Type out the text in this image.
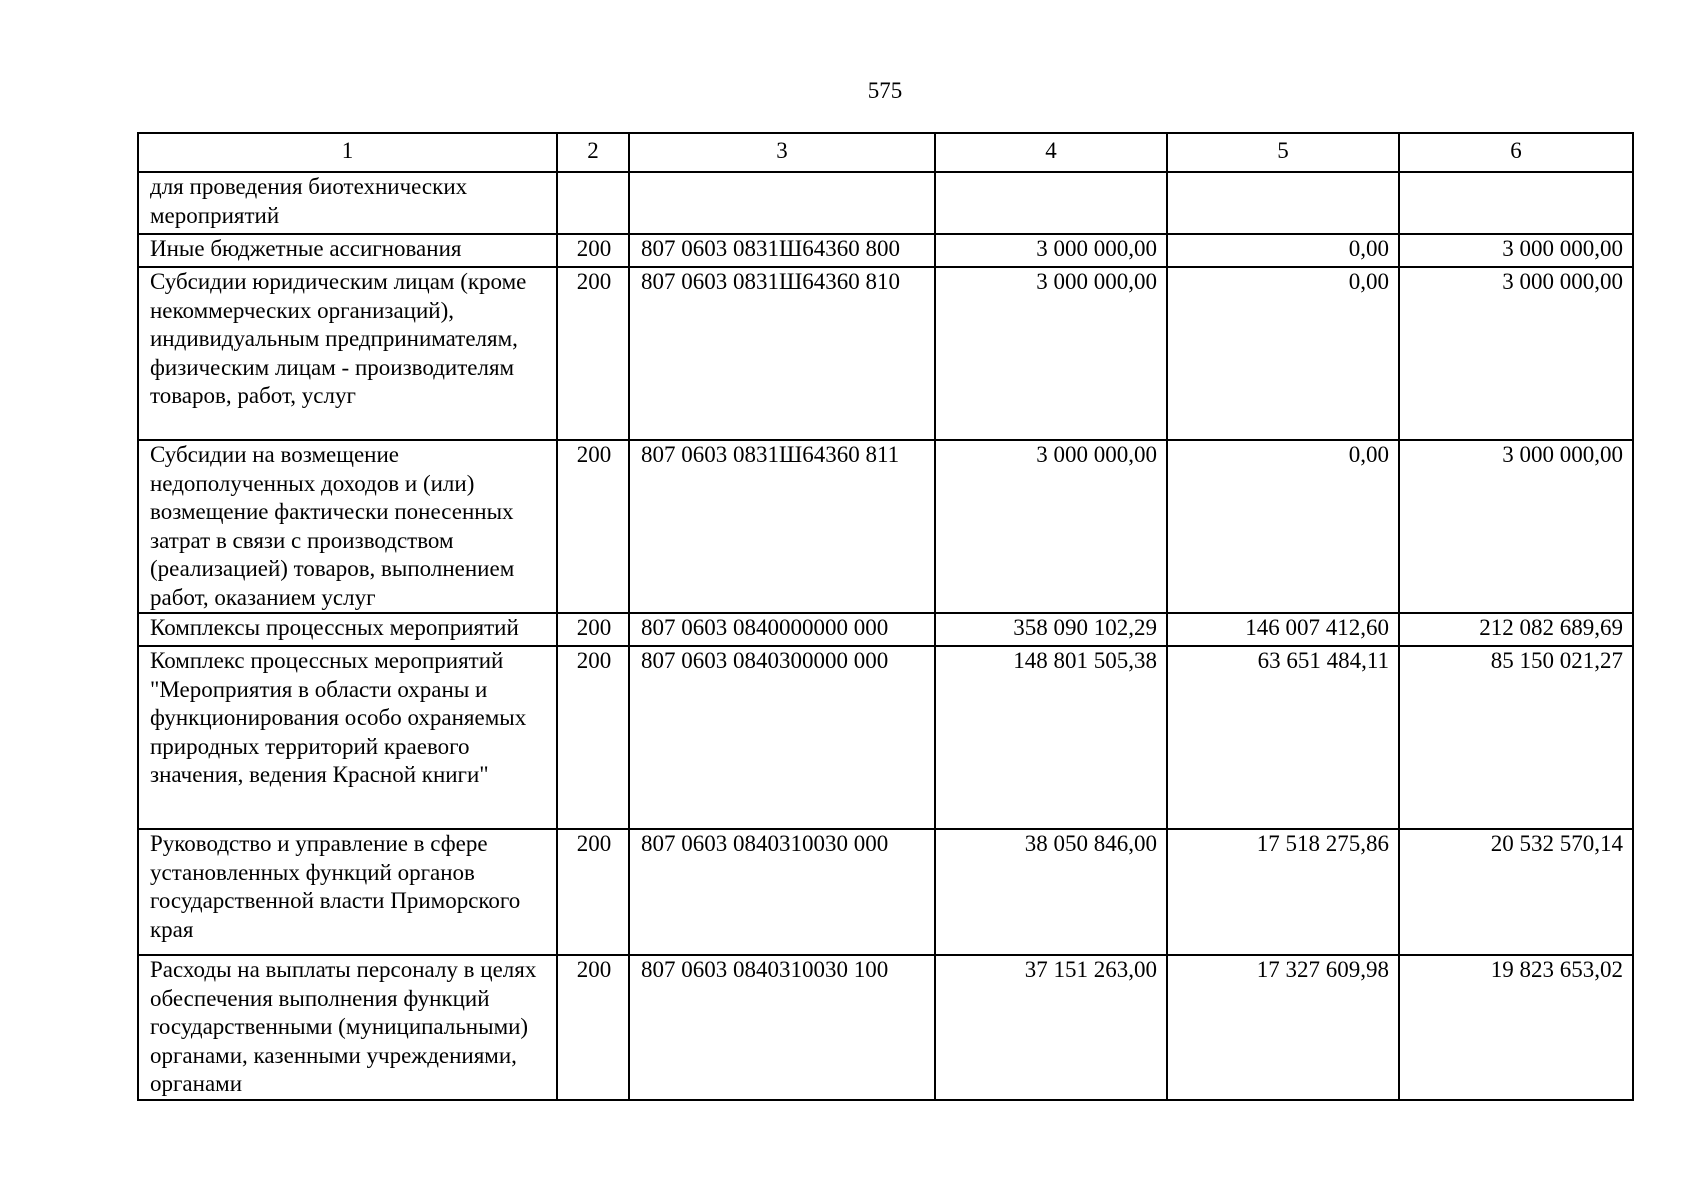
575
1	2	3	4	5	6
для проведения биотехнических мероприятий					
Иные бюджетные ассигнования	200	807 0603 0831Ш64360 800	3 000 000,00	0,00	3 000 000,00
Субсидии юридическим лицам (кроме некоммерческих организаций), индивидуальным предпринимателям, физическим лицам - производителям товаров, работ, услуг	200	807 0603 0831Ш64360 810	3 000 000,00	0,00	3 000 000,00
Субсидии на возмещение недополученных доходов и (или) возмещение фактически понесенных затрат в связи с производством (реализацией) товаров, выполнением работ, оказанием услуг	200	807 0603 0831Ш64360 811	3 000 000,00	0,00	3 000 000,00
Комплексы процессных мероприятий	200	807 0603 0840000000 000	358 090 102,29	146 007 412,60	212 082 689,69
Комплекс процессных мероприятий "Мероприятия в области охраны и функционирования особо охраняемых природных территорий краевого значения, ведения Красной книги"	200	807 0603 0840300000 000	148 801 505,38	63 651 484,11	85 150 021,27
Руководство и управление в сфере установленных функций органов государственной власти Приморского края	200	807 0603 0840310030 000	38 050 846,00	17 518 275,86	20 532 570,14
Расходы на выплаты персоналу в целях обеспечения выполнения функций государственными (муниципальными) органами, казенными учреждениями, органами	200	807 0603 0840310030 100	37 151 263,00	17 327 609,98	19 823 653,02
